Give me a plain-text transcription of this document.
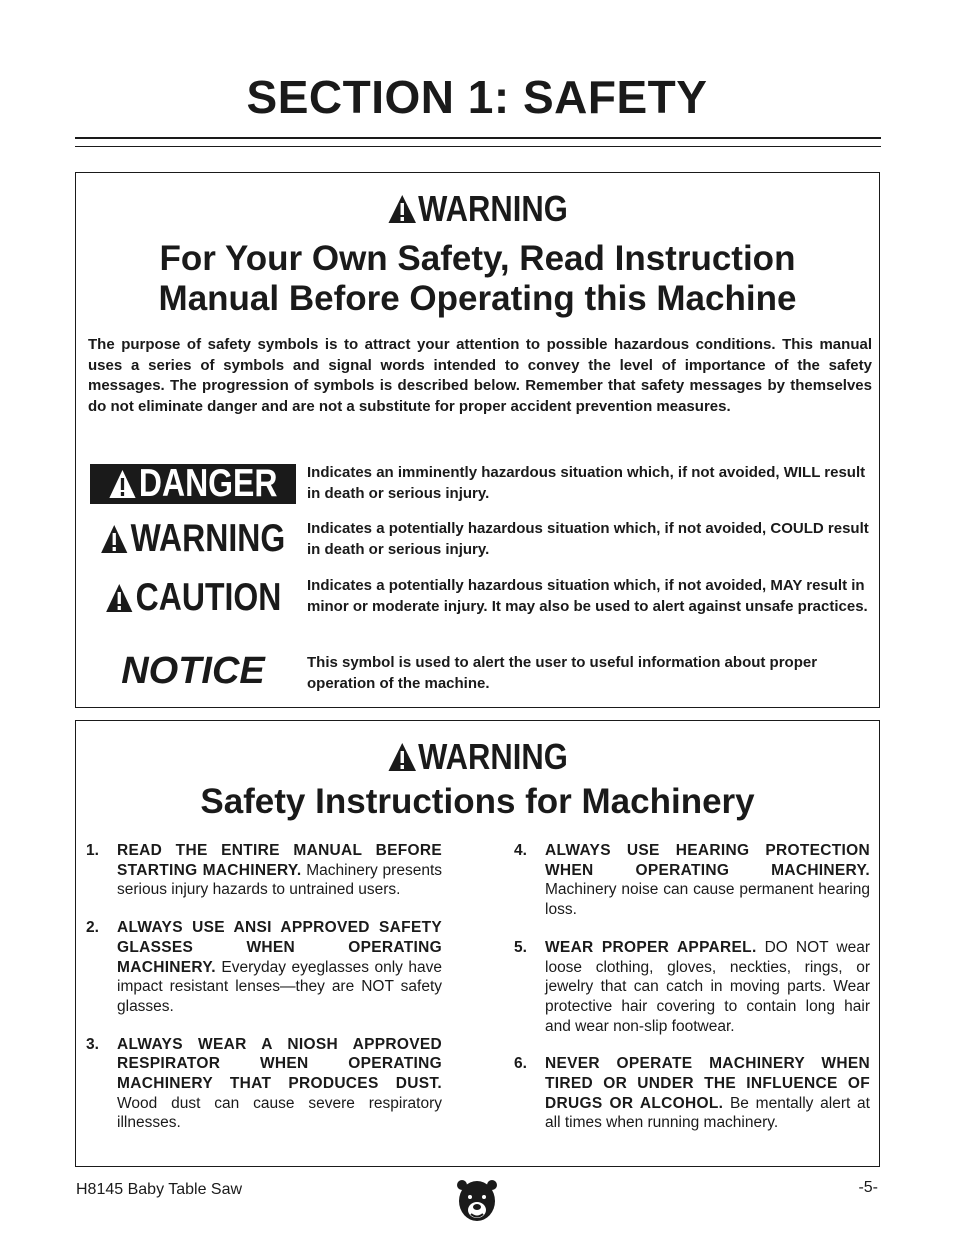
SECTION 1: SAFETY
WARNING
For Your Own Safety, Read Instruction
Manual Before Operating this Machine

The purpose of safety symbols is to attract your attention to possible hazardous conditions. This manual uses a series of symbols and signal words intended to convey the level of importance of the safety messages. The progression of symbols is described below. Remember that safety messages by themselves do not eliminate danger and are not a substitute for proper accident prevention measures.

DANGER Indicates an imminently hazardous situation which, if not avoided, WILL result in death or serious injury.

WARNING Indicates a potentially hazardous situation which, if not avoided, COULD result in death or serious injury.

CAUTION Indicates a potentially hazardous situation which, if not avoided, MAY result in minor or moderate injury. It may also be used to alert against unsafe practices.

NOTICE	This symbol is used to alert the user to useful information about proper operation of the machine.

WARNING
Safety Instructions for Machinery
1. READ THE ENTIRE MANUAL BEFORE STARTING MACHINERY. Machinery presents serious injury hazards to untrained users.
2. ALWAYS USE ANSI APPROVED SAFETY GLASSES WHEN OPERATING MACHINERY. Everyday eyeglasses only have impact resistant lenses—they are NOT safety glasses.
3. ALWAYS WEAR A NIOSH APPROVED RESPIRATOR WHEN OPERATING MACHINERY THAT PRODUCES DUST. Wood dust can cause severe respiratory illnesses.
4. ALWAYS USE HEARING PROTECTION WHEN OPERATING MACHINERY. Machinery noise can cause permanent hearing loss.
5. WEAR PROPER APPAREL. DO NOT wear loose clothing, gloves, neckties, rings, or jewelry that can catch in moving parts. Wear protective hair covering to contain long hair and wear non-slip footwear.
6. NEVER OPERATE MACHINERY WHEN TIRED OR UNDER THE INFLUENCE OF DRUGS OR ALCOHOL. Be mentally alert at all times when running machinery.
H8145 Baby Table Saw	-5-
